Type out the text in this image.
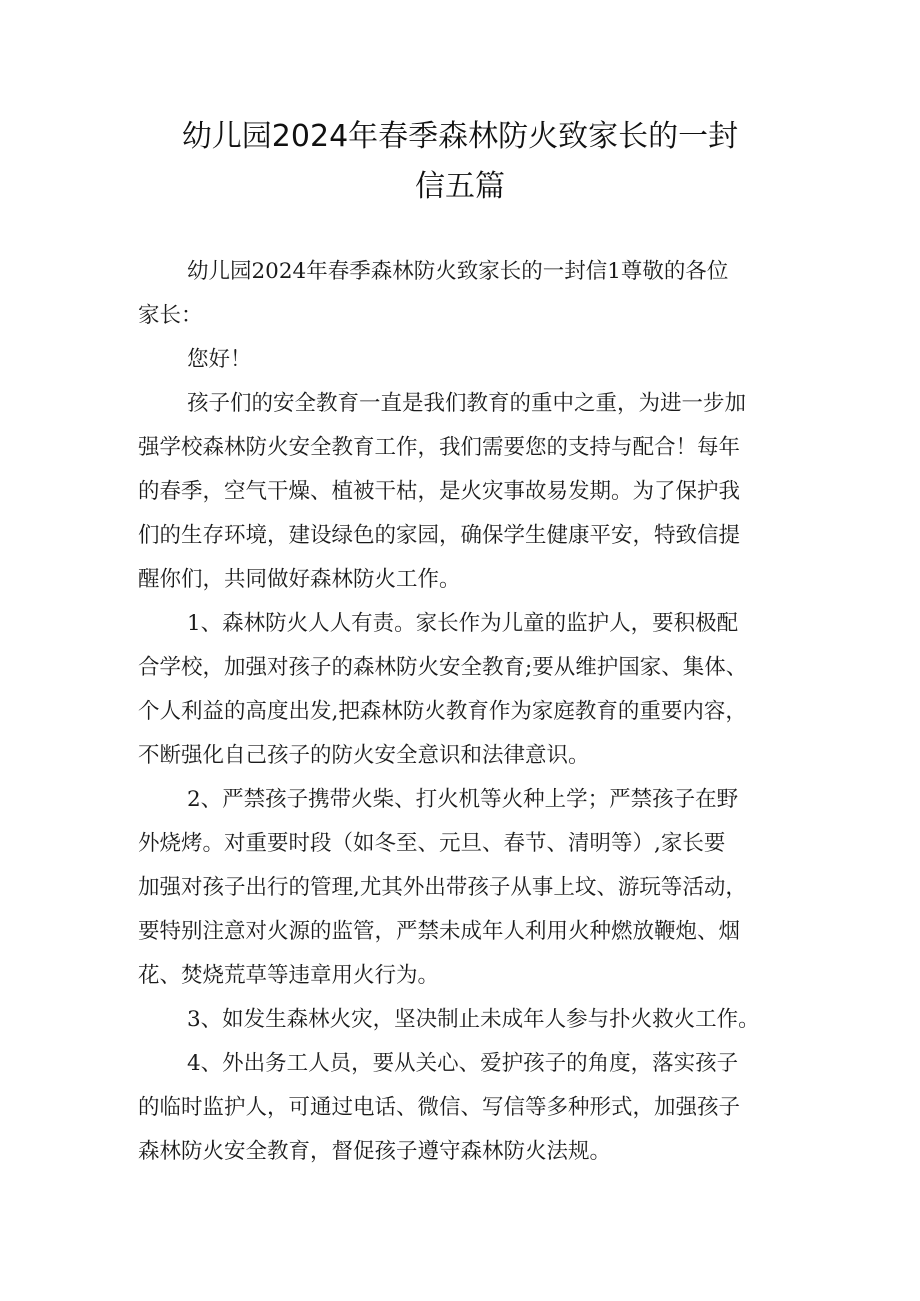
幼儿园2024年春季森林防火致家长的一封
信五篇
幼儿园2024年春季森林防火致家长的一封信1尊敬的各位
家长：
您好！
孩子们的安全教育一直是我们教育的重中之重，为进一步加
强学校森林防火安全教育工作，我们需要您的支持与配合！每年
的春季，空气干燥、植被干枯，是火灾事故易发期。为了保护我
们的生存环境，建设绿色的家园，确保学生健康平安，特致信提
醒你们，共同做好森林防火工作。
1、森林防火人人有责。家长作为儿童的监护人，要积极配
合学校，加强对孩子的森林防火安全教育;要从维护国家、集体、
个人利益的高度出发,把森林防火教育作为家庭教育的重要内容，
不断强化自己孩子的防火安全意识和法律意识。
2、严禁孩子携带火柴、打火机等火种上学；严禁孩子在野
外烧烤。对重要时段（如冬至、元旦、春节、清明等）,家长要
加强对孩子出行的管理,尤其外出带孩子从事上坟、游玩等活动，
要特别注意对火源的监管，严禁未成年人利用火种燃放鞭炮、烟
花、焚烧荒草等违章用火行为。
3、如发生森林火灾，坚决制止未成年人参与扑火救火工作。
4、外出务工人员，要从关心、爱护孩子的角度，落实孩子
的临时监护人，可通过电话、微信、写信等多种形式，加强孩子
森林防火安全教育，督促孩子遵守森林防火法规。
